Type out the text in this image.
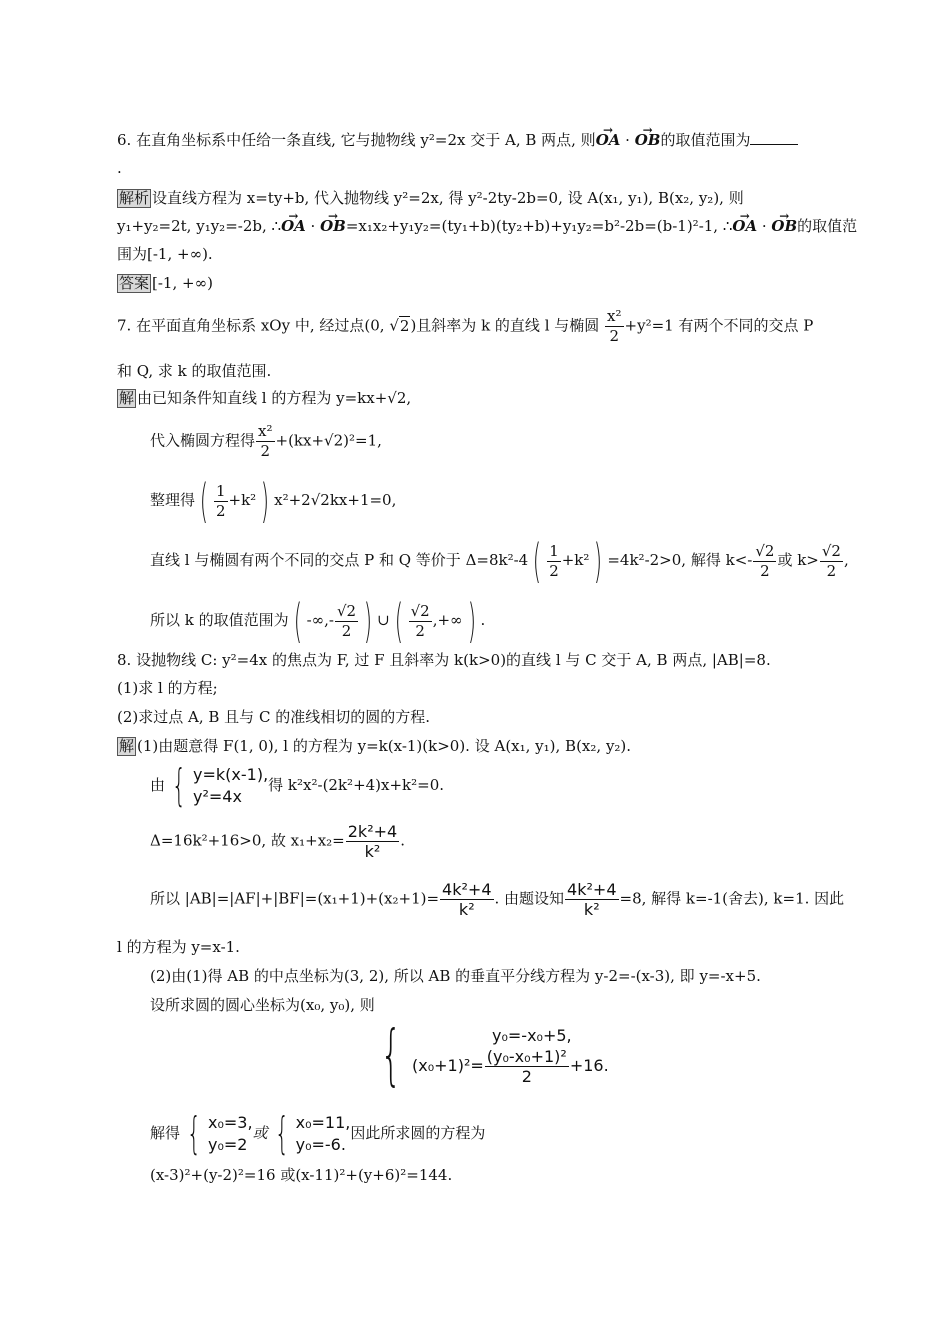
6. 在直角坐标系中任给一条直线, 它与抛物线 y²=2x 交于 A, B 两点, 则→ OA · → OB的取值范围为
.
解析 设直线方程为 x=ty+b, 代入抛物线 y²=2x, 得 y²-2ty-2b=0, 设 A(x₁, y₁), B(x₂, y₂), 则
y₁+y₂=2t, y₁y₂=-2b, ∴→ OA · → OB=x₁x₂+y₁y₂=(ty₁+b)(ty₂+b)+y₁y₂=b²-2b=(b-1)²-1, ∴→ OA · → OB的取值范
围为[-1, +∞).
答案 [-1, +∞)
7. 在平面直角坐标系 xOy 中, 经过点(0, √2)且斜率为 k 的直线 l 与椭圆 $\frac{\text{x²}}{2} +y^2=1$ 有两个不同的交点 P
和 Q, 求 k 的取值范围.
解 由已知条件知直线 l 的方程为 y=kx+√2,
代入椭圆方程得 $\frac{\text{x²}}{2} +(kx+√2)^2=1$,
整理得 ( $\frac{1}{2} +k^2$ ) x²+2√2kx+1=0,
直线 l 与椭圆有两个不同的交点 P 和 Q 等价于 Δ=8k²-4 ( $\frac{1}{2} +k^2$ ) =4k²-2>0, 解得 $k<- \frac{√2}{2}$ 或 $k> \frac{√2}{2}$ ,
所以 k 的取值范围为 ( -∞,- $\frac{√2}{2}$ ) ∪ ( $\frac{√2}{2}$ ,+∞ ) .
8. 设抛物线 C: y²=4x 的焦点为 F, 过 F 且斜率为 k(k>0)的直线 l 与 C 交于 A, B 两点, |AB|=8.
(1)求 l 的方程;
(2)求过点 A, B 且与 C 的准线相切的圆的方程.
解 (1)由题意得 F(1, 0), l 的方程为 y=k(x-1)(k>0). 设 A(x₁, y₁), B(x₂, y₂).
由 { y=k(x-1),
y²=4x
得 k²x²-(2k²+4)x+k²=0.
Δ=16k²+16>0, 故 $x_1+x_2= \frac{\text{2k²+4}}{\text{k²}}$ .
所以 $|AB|=|AF|+|BF|=(x_1+1)+(x_2+1)= \frac{\text{4k²+4}}{\text{k²}}$ . 由题设知 $\frac{\text{4k²+4}}{\text{k²}} =8$, 解得 k=-1(舍去), k=1. 因此
l 的方程为 y=x-1.
(2)由(1)得 AB 的中点坐标为(3, 2), 所以 AB 的垂直平分线方程为 y-2=-(x-3), 即 y=-x+5.
设所求圆的圆心坐标为(x₀, y₀), 则
{	y₀=-x₀+5,
$(x_0+1)^2= \frac{\text{(y₀-x₀+1)²}}{2} +16$.
解得 { x₀=3,
y₀=2
或 { x₀=11,
y₀=-6.
因此所求圆的方程为
(x-3)²+(y-2)²=16 或(x-11)²+(y+6)²=144.
